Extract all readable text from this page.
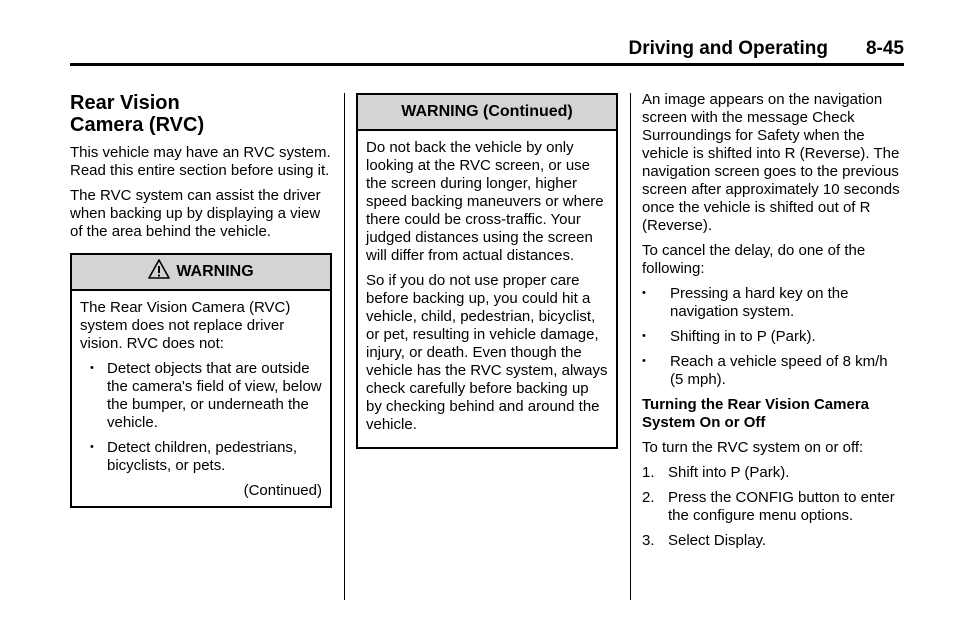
Driving and Operating 8-45
Rear Vision
Camera (RVC)

This vehicle may have an RVC system. Read this entire section before using it.

The RVC system can assist the driver when backing up by displaying a view of the area behind the vehicle.

WARNING

The Rear Vision Camera (RVC) system does not replace driver vision. RVC does not:

• Detect objects that are outside the camera's field of view, below the bumper, or underneath the vehicle.
• Detect children, pedestrians, bicyclists, or pets.
(Continued)
WARNING (Continued)

Do not back the vehicle by only looking at the RVC screen, or use the screen during longer, higher speed backing maneuvers or where there could be cross-traffic. Your judged distances using the screen will differ from actual distances.

So if you do not use proper care before backing up, you could hit a vehicle, child, pedestrian, bicyclist, or pet, resulting in vehicle damage, injury, or death. Even though the vehicle has the RVC system, always check carefully before backing up by checking behind and around the vehicle.

An image appears on the navigation screen with the message Check Surroundings for Safety when the vehicle is shifted into R (Reverse). The navigation screen goes to the previous screen after approximately 10 seconds once the vehicle is shifted out of R (Reverse).

To cancel the delay, do one of the following:

• Pressing a hard key on the navigation system.
• Shifting in to P (Park).
• Reach a vehicle speed of 8 km/h (5 mph).
Turning the Rear Vision Camera System On or Off

To turn the RVC system on or off:

1. Shift into P (Park).
2. Press the CONFIG button to enter the configure menu options.
3. Select Display.
